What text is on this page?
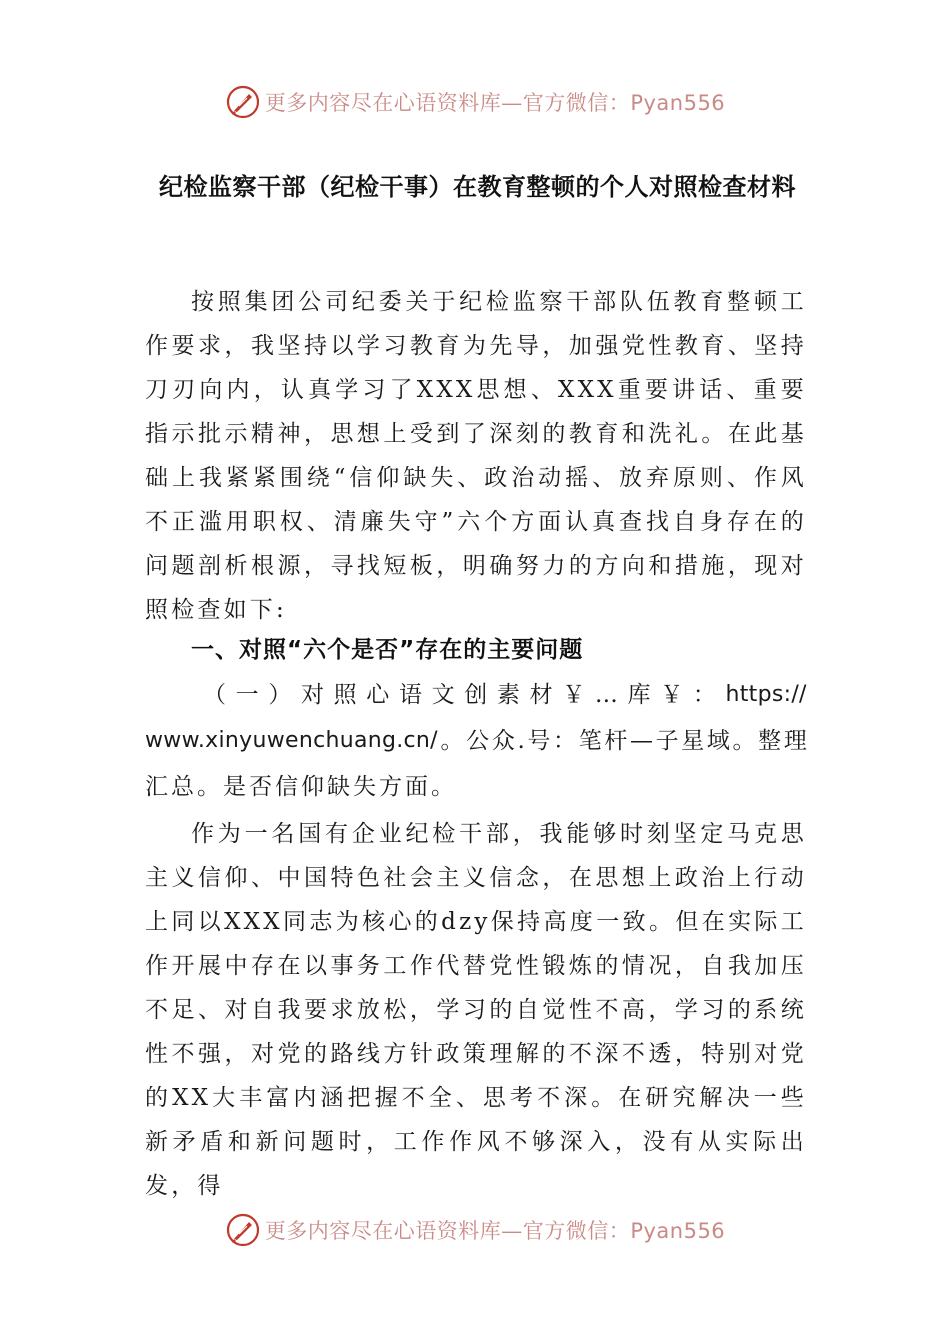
更多内容尽在心语资料库—官方微信：Pyan556
纪检监察干部（纪检干事）在教育整顿的个人对照检查材料
按照集团公司纪委关于纪检监察干部队伍教育整顿工作要求，我坚持以学习教育为先导，加强党性教育、坚持刀刃向内，认真学习了XXX思想、XXX重要讲话、重要指示批示精神，思想上受到了深刻的教育和洗礼。在此基础上我紧紧围绕“信仰缺失、政治动摇、放弃原则、作风不正滥用职权、清廉失守”六个方面认真查找自身存在的问题剖析根源，寻找短板，明确努力的方向和措施，现对照检查如下:
一、对照“六个是否”存在的主要问题
（ 一 ） 对 照 心 语 文 创 素 材 ￥ … 库 ￥ ： https://
www.xinyuwenchuang.cn/ 。 公 众 . 号 ： 笔 杆 — 子 星 域 。 整 理
汇总。是否信仰缺失方面。
作为一名国有企业纪检干部，我能够时刻坚定马克思主义信仰、中国特色社会主义信念，在思想上政治上行动上同以XXX同志为核心的dzy保持高度一致。但在实际工作开展中存在以事务工作代替党性锻炼的情况，自我加压不足、对自我要求放松，学习的自觉性不高，学习的系统性不强，对党的路线方针政策理解的不深不透，特别对党的XX大丰富内涵把握不全、思考不深。在研究解决一些新矛盾和新问题时，工作作风不够深入，没有从实际出发，得
更多内容尽在心语资料库—官方微信：Pyan556
